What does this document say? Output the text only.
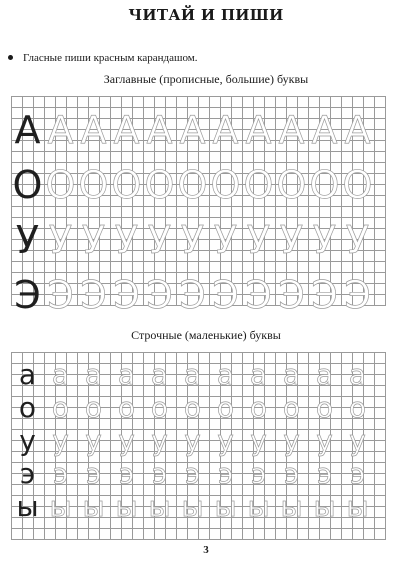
ЧИТАЙ И ПИШИ
Гласные пиши красным карандашом.
Заглавные (прописные, большие) буквы
А А А А А А А А А А А
О О О О О О О О О О О
У У У У У У У У У У У
Э Э Э Э Э Э Э Э Э Э Э
Строчные (маленькие) буквы
а а а а а а а а а а а
о о о о о о о о о о о
у у у у у у у у у у у
э э э э э э э э э э э
ы ы ы ы ы ы ы ы ы ы ы
3
